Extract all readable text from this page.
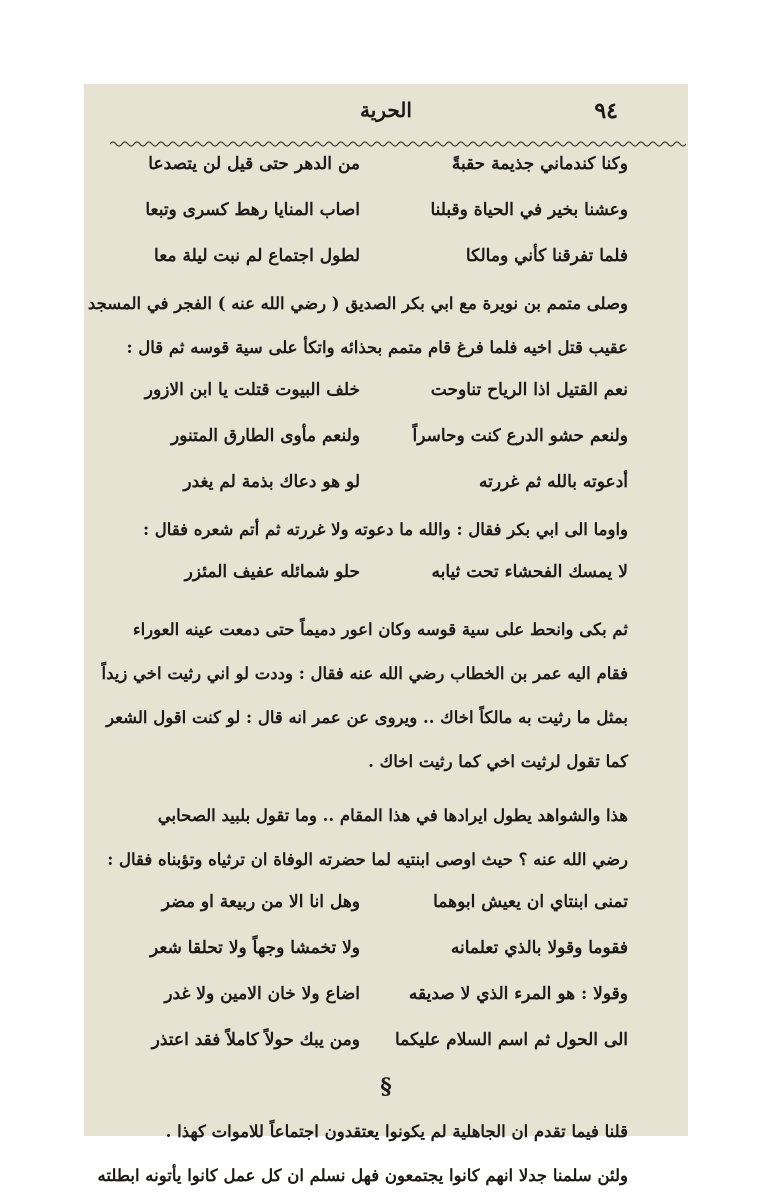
٩٤
الحرية
وكنا كندماني جذيمة حقبةً
من الدهر حتى قيل لن يتصدعا
وعشنا بخير في الحياة وقبلنا
اصاب المنايا رهط كسرى وتبعا
فلما تفرقنا كأني ومالكا
لطول اجتماع لم نبت ليلة معا
وصلى متمم بن نويرة مع ابي بكر الصديق ( رضي الله عنه ) الفجر في المسجد
عقيب قتل اخيه فلما فرغ قام متمم بحذائه واتكأ على سية قوسه ثم قال :
نعم القتيل اذا الرياح تناوحت
خلف البيوت قتلت يا ابن الازور
ولنعم حشو الدرع كنت وحاسراً
ولنعم مأوى الطارق المتنور
أدعوته بالله ثم غررته
لو هو دعاك بذمة لم يغدر
واوما الى ابي بكر فقال : والله ما دعوته ولا غررته ثم أتم شعره فقال :
لا يمسك الفحشاء تحت ثيابه
حلو شمائله عفيف المئزر
ثم بكى وانحط على سية قوسه وكان اعور دميماً حتى دمعت عينه العوراء
فقام اليه عمر بن الخطاب رضي الله عنه فقال : وددت لو اني رثيت اخي زيداً
بمثل ما رثيت به مالكاً اخاك .. ويروى عن عمر انه قال : لو كنت اقول الشعر
كما تقول لرثيت اخي كما رثيت اخاك .
هذا والشواهد يطول ايرادها في هذا المقام .. وما تقول بلبيد الصحابي
رضي الله عنه ؟ حيث اوصى ابنتيه لما حضرته الوفاة ان ترثياه وتؤبناه فقال :
تمنى ابنتاي ان يعيش ابوهما
وهل انا الا من ربيعة او مضر
فقوما وقولا بالذي تعلمانه
ولا تخمشا وجهاً ولا تحلقا شعر
وقولا : هو المرء الذي لا صديقه
اضاع ولا خان الامين ولا غدر
الى الحول ثم اسم السلام عليكما
ومن يبك حولاً كاملاً فقد اعتذر
§
قلنا فيما تقدم ان الجاهلية لم يكونوا يعتقدون اجتماعاً للاموات كهذا .
ولئن سلمنا جدلا انهم كانوا يجتمعون فهل نسلم ان كل عمل كانوا يأتونه ابطلته
